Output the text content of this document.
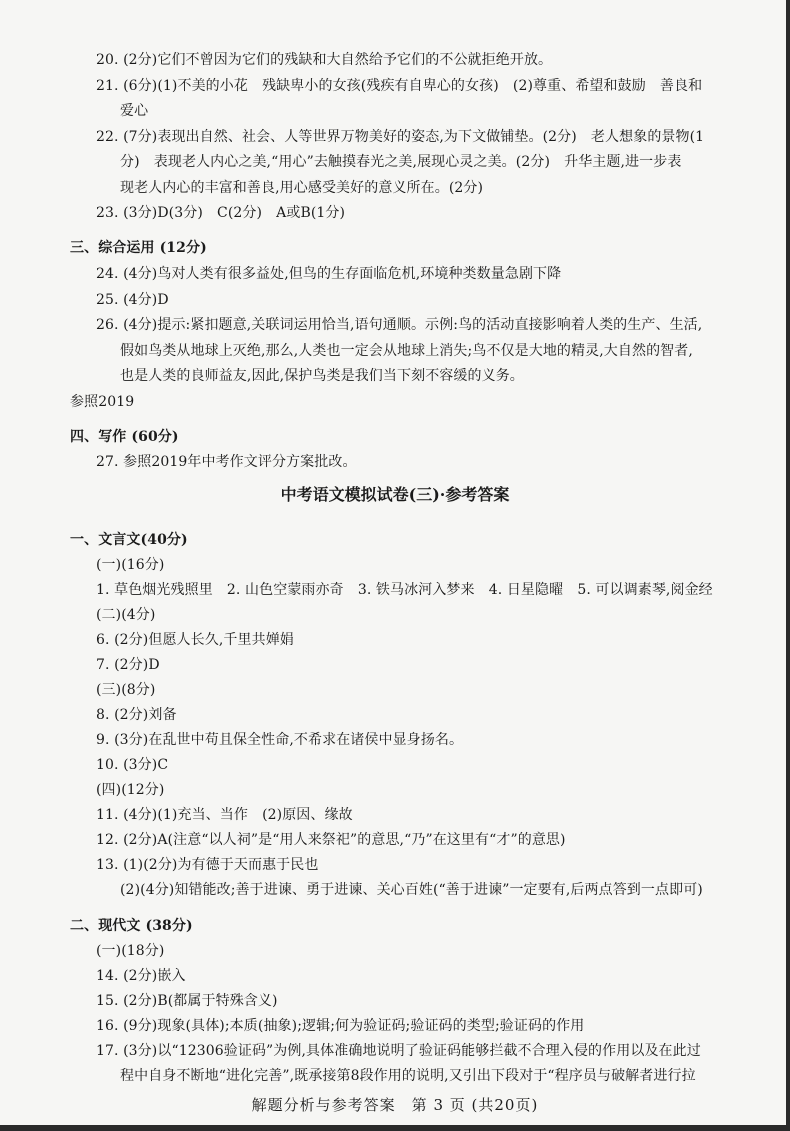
20. (2分)它们不曾因为它们的残缺和大自然给予它们的不公就拒绝开放。
21. (6分)(1)不美的小花　残缺卑小的女孩(残疾有自卑心的女孩)　(2)尊重、希望和鼓励　善良和
爱心
22. (7分)表现出自然、社会、人等世界万物美好的姿态,为下文做铺垫。(2分)　老人想象的景物(1
分)　表现老人内心之美,“用心”去触摸春光之美,展现心灵之美。(2分)　升华主题,进一步表
现老人内心的丰富和善良,用心感受美好的意义所在。(2分)
23. (3分)D(3分)　C(2分)　A或B(1分)
三、综合运用 (12分)
24. (4分)鸟对人类有很多益处,但鸟的生存面临危机,环境种类数量急剧下降
25. (4分)D
26. (4分)提示:紧扣题意,关联词运用恰当,语句通顺。示例:鸟的活动直接影响着人类的生产、生活,
假如鸟类从地球上灭绝,那么,人类也一定会从地球上消失;鸟不仅是大地的精灵,大自然的智者,
也是人类的良师益友,因此,保护鸟类是我们当下刻不容缓的义务。
参照2019
四、写作 (60分)
27. 参照2019年中考作文评分方案批改。
中考语文模拟试卷(三)·参考答案
一、文言文(40分)
(一)(16分)
1. 草色烟光残照里　2. 山色空蒙雨亦奇　3. 铁马冰河入梦来　4. 日星隐曜　5. 可以调素琴,阅金经
(二)(4分)
6. (2分)但愿人长久,千里共婵娟
7. (2分)D
(三)(8分)
8. (2分)刘备
9. (3分)在乱世中苟且保全性命,不希求在诸侯中显身扬名。
10. (3分)C
(四)(12分)
11. (4分)(1)充当、当作　(2)原因、缘故
12. (2分)A(注意“以人祠”是“用人来祭祀”的意思,“乃”在这里有“才”的意思)
13. (1)(2分)为有德于天而惠于民也
(2)(4分)知错能改;善于进谏、勇于进谏、关心百姓(“善于进谏”一定要有,后两点答到一点即可)
二、现代文 (38分)
(一)(18分)
14. (2分)嵌入
15. (2分)B(都属于特殊含义)
16. (9分)现象(具体);本质(抽象);逻辑;何为验证码;验证码的类型;验证码的作用
17. (3分)以“12306验证码”为例,具体准确地说明了验证码能够拦截不合理入侵的作用以及在此过
程中自身不断地“进化完善”,既承接第8段作用的说明,又引出下段对于“程序员与破解者进行拉
解题分析与参考答案　第 3 页 (共20页)
